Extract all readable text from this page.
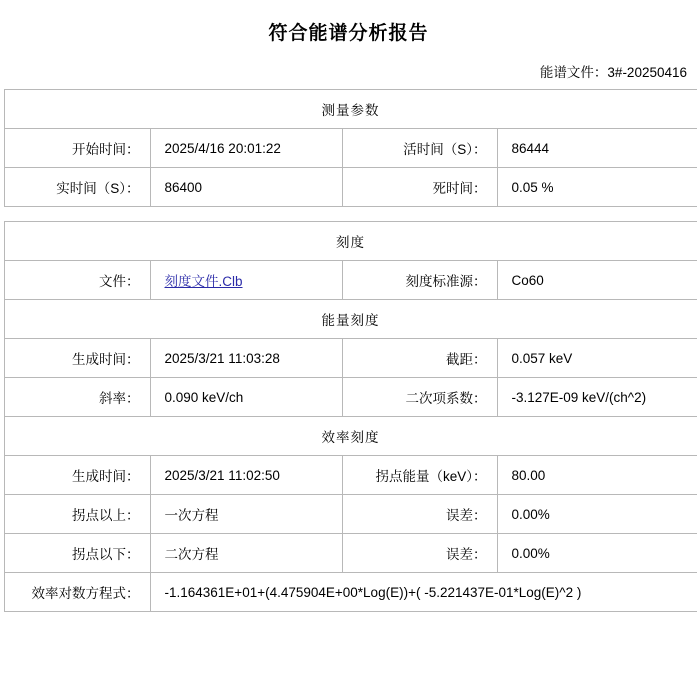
符合能谱分析报告
能谱文件：3#-20250416
测量参数			
开始时间：	2025/4/16 20:01:22	活时间（S）：	86444
实时间（S）：	86400	死时间：	0.05 %
刻度			
文件：	刻度文件.Clb	刻度标准源：	Co60
能量刻度			
生成时间：	2025/3/21 11:03:28	截距：	0.057 keV
斜率：	0.090 keV/ch	二次项系数：	-3.127E-09 keV/(ch^2)
效率刻度			
生成时间：	2025/3/21 11:02:50	拐点能量（keV）：	80.00
拐点以上：	一次方程	误差：	0.00%
拐点以下：	二次方程	误差：	0.00%
效率对数方程式：	-1.164361E+01+(4.475904E+00*Log(E))+( -5.221437E-01*Log(E)^2 )		
